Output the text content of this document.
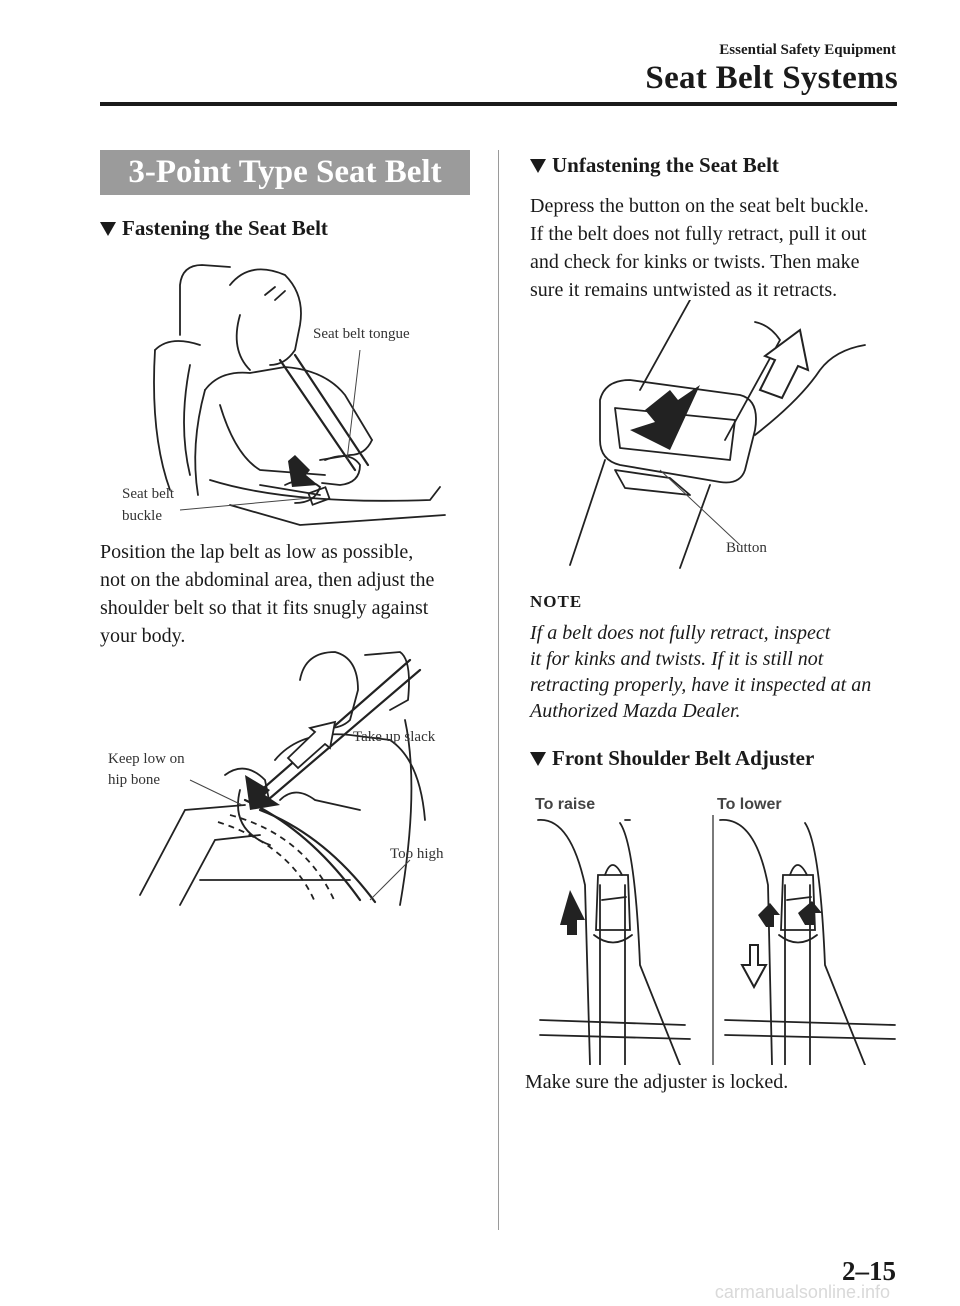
Essential Safety Equipment
Seat Belt Systems
3-Point Type Seat Belt
Fastening the Seat Belt
Seat belt tongue
Seat belt
buckle
Position the lap belt as low as possible,
not on the abdominal area, then adjust the
shoulder belt so that it fits snugly against
your body.
Keep low on
hip bone
Take up slack
Too high
Unfastening the Seat Belt
Depress the button on the seat belt buckle.
If the belt does not fully retract, pull it out
and check for kinks or twists. Then make
sure it remains untwisted as it retracts.
Button
NOTE
If a belt does not fully retract, inspect
it for kinks and twists. If it is still not
retracting properly, have it inspected at an
Authorized Mazda Dealer.
Front Shoulder Belt Adjuster
To raise	To lower
Make sure the adjuster is locked.
2–15
carmanualsonline.info
